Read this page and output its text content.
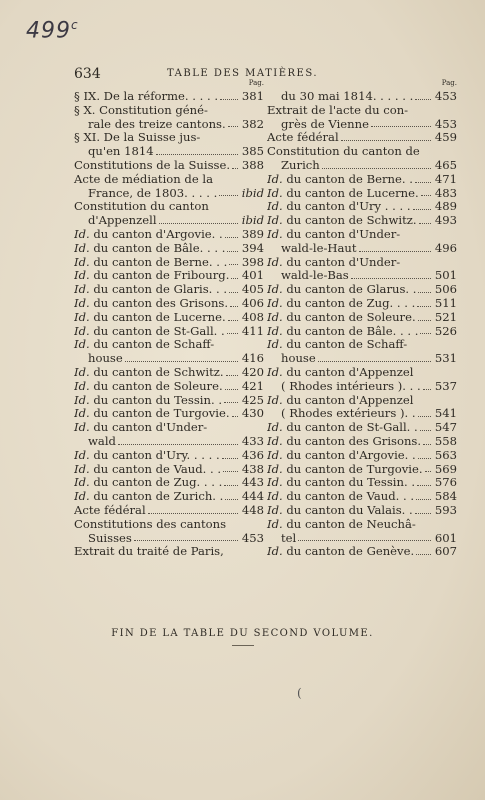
499$^c$
634	TABLE DES MATIÈRES.
Pag.
§ IX. De la réforme. . . . . 381
§ X. Constitution géné-
rale des treize cantons. 382
§ XI. De la Suisse jus-
qu'en 1814	385
Constitutions de la Suisse. 388
Acte de médiation de la
France, de 1803. . . . . ibid
Constitution du canton
d'Appenzell	ibid
Id. du canton d'Argovie. . 389
Id. du canton de Bâle. . . . 394
Id. du canton de Berne. . . 398
Id. du canton de Fribourg. 401
Id. du canton de Glaris. . . 405
Id. du canton des Grisons. 406
Id. du canton de Lucerne. 408
Id. du canton de St-Gall. . 411
Id. du canton de Schaff-
house	416
Id. du canton de Schwitz. 420
Id. du canton de Soleure. 421
Id. du canton du Tessin. . 425
Id. du canton de Turgovie. 430
Id. du canton d'Under-
wald	433
Id. du canton d'Ury. . . . . 436
Id. du canton de Vaud. . . 438
Id. du canton de Zug. . . . 443
Id. du canton de Zurich. . 444
Acte fédéral	448
Constitutions des cantons
Suisses	453
Extrait du traité de Paris,
Pag.
du 30 mai 1814. . . . . . 453
Extrait de l'acte du con-
grès de Vienne	453
Acte fédéral	459
Constitution du canton de
Zurich	465
Id. du canton de Berne. . 471
Id. du canton de Lucerne. 483
Id. du canton d'Ury . . . . 489
Id. du canton de Schwitz. 493
Id. du canton d'Under-
wald-le-Haut	496
Id. du canton d'Under-
wald-le-Bas	501
Id. du canton de Glarus. . 506
Id. du canton de Zug. . . . 511
Id. du canton de Soleure. 521
Id. du canton de Bâle. . . . 526
Id. du canton de Schaff-
house	531
Id. du canton d'Appenzel
( Rhodes intérieurs ). . . 537
Id. du canton d'Appenzel
( Rhodes extérieurs ). . 541
Id. du canton de St-Gall. . 547
Id. du canton des Grisons. 558
Id. du canton d'Argovie. . 563
Id. du canton de Turgovie. 569
Id. du canton du Tessin. . 576
Id. du canton de Vaud. . . 584
Id. du canton du Valais. . 593
Id. du canton de Neuchâ-
tel	601
Id. du canton de Genève. 607
FIN DE LA TABLE DU SECOND VOLUME.
(
